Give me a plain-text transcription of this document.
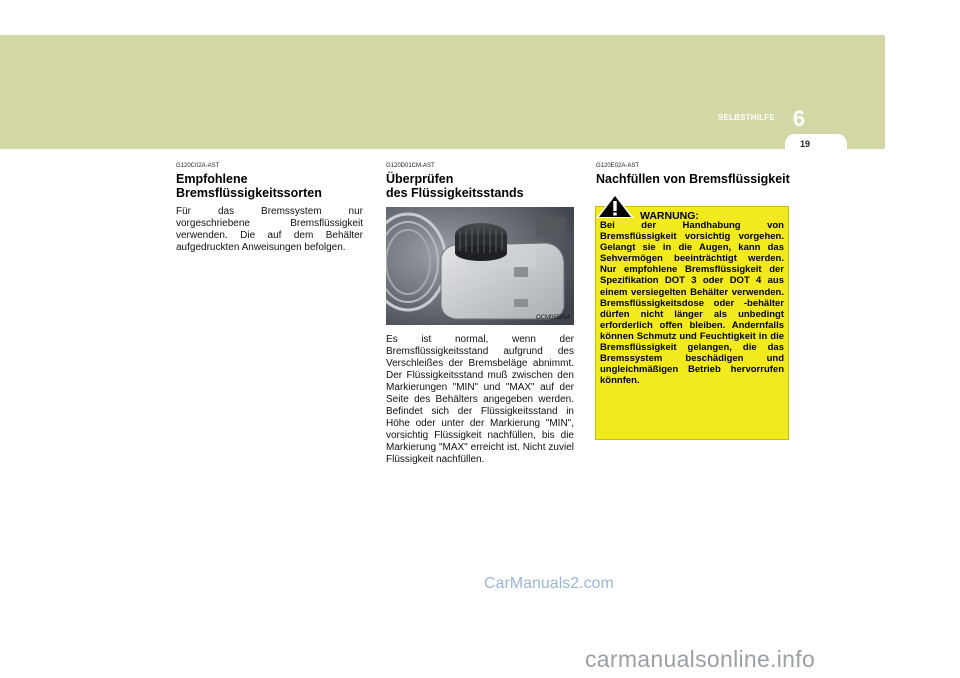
SELBSTHILFE 6
19

G120C02A-AST

Empfohlene
Bremsflüssigkeitssorten

Für das Bremssystem nur vorgeschriebene Bremsflüssigkeit verwenden. Die auf dem Behälter aufgedruckten Anweisungen befolgen.

G120D01CM-AST

Überprüfen
des Flüssigkeitsstands
OCM055014

Es ist normal, wenn der Bremsflüssigkeitsstand aufgrund des Verschleißes der Bremsbeläge abnimmt. Der Flüssigkeitsstand muß zwischen den Markierungen "MIN" und "MAX" auf der Seite des Behälters angegeben werden. Befindet sich der Flüssigkeitsstand in Höhe oder unter der Markierung "MIN", vorsichtig Flüssigkeit nachfüllen, bis die Markierung "MAX" erreicht ist. Nicht zuviel Flüssigkeit nachfüllen.

G120E02A-AST

Nachfüllen von Bremsflüssigkeit

Bei der Handhabung von Bremsflüssigkeit vorsichtig vorgehen. Gelangt sie in die Augen, kann das Sehvermögen beeinträchtigt werden. Nur empfohlene Bremsflüssigkeit der Spezifikation DOT 3 oder DOT 4 aus einem versiegelten Behälter verwenden. Bremsflüssigkeitsdose oder -behälter dürfen nicht länger als unbedingt erforderlich offen bleiben. Andernfalls können Schmutz und Feuchtigkeit in die Bremsflüssigkeit gelangen, die das Bremssystem beschädigen und ungleichmäßigen Betrieb hervorrufen könnfen.

WARNUNG:
CarManuals2.com
carmanualsonline.info
